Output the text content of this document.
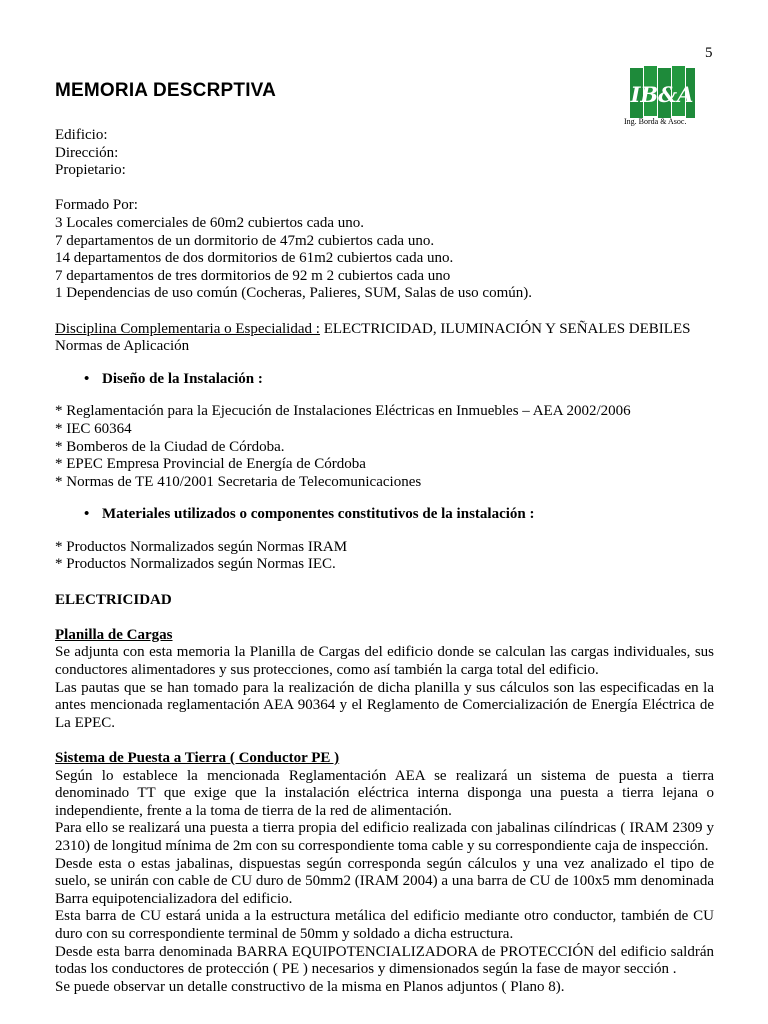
5
MEMORIA DESCRPTIVA	IB&A
Ing. Borda & Asoc.

Edificio:

Dirección:

Propietario:

Formado Por:

3 Locales comerciales de 60m2 cubiertos cada uno.

7 departamentos de un dormitorio de 47m2 cubiertos cada uno.

14 departamentos de dos dormitorios de 61m2 cubiertos cada uno.

7 departamentos de tres dormitorios de 92 m 2 cubiertos cada uno

1 Dependencias de uso común (Cocheras, Palieres, SUM, Salas de uso común).

Disciplina Complementaria o Especialidad : ELECTRICIDAD, ILUMINACIÓN Y SEÑALES DEBILES

Normas de Aplicación

• Diseño de la Instalación :

* Reglamentación para la Ejecución de Instalaciones Eléctricas en Inmuebles – AEA 2002/2006

* IEC 60364

* Bomberos de la Ciudad de Córdoba.

* EPEC Empresa Provincial de Energía de Córdoba

* Normas de TE 410/2001 Secretaria de Telecomunicaciones

• Materiales utilizados o componentes constitutivos de la instalación :

* Productos Normalizados según Normas IRAM

* Productos Normalizados según Normas IEC.

ELECTRICIDAD

Planilla de Cargas

Se adjunta con esta memoria la Planilla de Cargas del edificio donde se calculan las cargas individuales, sus conductores alimentadores y sus protecciones, como así también la carga total del edificio.

Las pautas que se han tomado para la realización de dicha planilla y sus cálculos son las especificadas en la antes mencionada reglamentación AEA 90364 y el Reglamento de Comercialización de Energía Eléctrica de La EPEC.

Sistema de Puesta a Tierra ( Conductor PE )

Según lo establece la mencionada Reglamentación AEA se realizará un sistema de puesta a tierra denominado TT que exige que la instalación eléctrica interna disponga una puesta a tierra lejana o independiente, frente a la toma de tierra de la red de alimentación.

Para ello se realizará una puesta a tierra propia del edificio realizada con jabalinas cilíndricas ( IRAM 2309 y 2310) de longitud mínima de 2m con su correspondiente toma cable y su correspondiente caja de inspección.

Desde esta o estas jabalinas, dispuestas según corresponda según cálculos y una vez analizado el tipo de suelo, se unirán con cable de CU duro de 50mm2 (IRAM 2004) a una barra de CU de 100x5 mm denominada Barra equipotencializadora del edificio.

Esta barra de CU estará unida a la estructura metálica del edificio mediante otro conductor, también de CU duro con su correspondiente terminal de 50mm y soldado a dicha estructura.

Desde esta barra denominada BARRA EQUIPOTENCIALIZADORA de PROTECCIÓN del edificio saldrán todas los conductores de protección ( PE ) necesarios y dimensionados según la fase de mayor sección .

Se puede observar un detalle constructivo de la misma en Planos adjuntos ( Plano 8).
